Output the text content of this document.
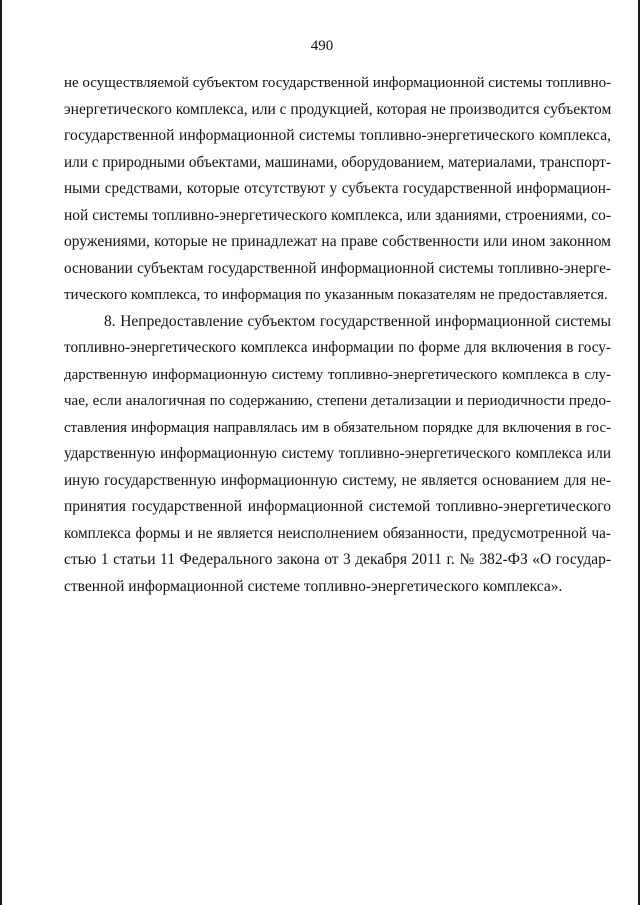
490

не осуществляемой субъектом государственной информационной системы топливно-
энергетического комплекса, или с продукцией, которая не производится субъектом
государственной информационной системы топливно-энергетического комплекса,
или с природными объектами, машинами, оборудованием, материалами, транспорт-
ными средствами, которые отсутствуют у субъекта государственной информацион-
ной системы топливно-энергетического комплекса, или зданиями, строениями, со-
оружениями, которые не принадлежат на праве собственности или ином законном
основании субъектам государственной информационной системы топливно-энерге-
тического комплекса, то информация по указанным показателям не предоставляется.

8. Непредоставление субъектом государственной информационной системы
топливно-энергетического комплекса информации по форме для включения в госу-
дарственную информационную систему топливно-энергетического комплекса в слу-
чае, если аналогичная по содержанию, степени детализации и периодичности предо-
ставления информация направлялась им в обязательном порядке для включения в гос-
ударственную информационную систему топливно-энергетического комплекса или
иную государственную информационную систему, не является основанием для не-
принятия государственной информационной системой топливно-энергетического
комплекса формы и не является неисполнением обязанности, предусмотренной ча-
стью 1 статьи 11 Федерального закона от 3 декабря 2011 г. № 382-ФЗ «О государ-
ственной информационной системе топливно-энергетического комплекса».
